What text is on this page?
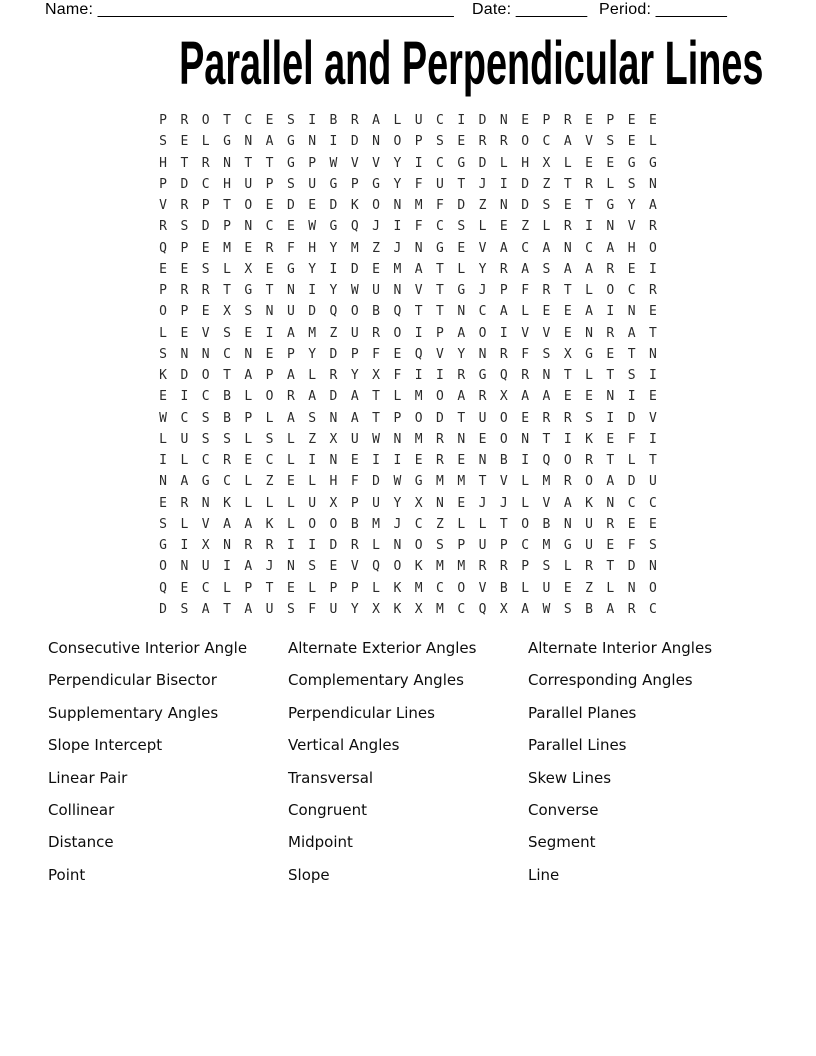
Name: ________________________________________ Date: ________ Period: ________
Parallel and Perpendicular Lines
P	R	O	T	C	E	S	I	B	R	A	L	U	C	I	D	N	E	P	R	E	P	E	E
S	E	L	G	N	A	G	N	I	D	N	O	P	S	E	R	R	O	C	A	V	S	E	L
H	T	R	N	T	T	G	P	W	V	V	Y	I	C	G	D	L	H	X	L	E	E	G	G
P	D	C	H	U	P	S	U	G	P	G	Y	F	U	T	J	I	D	Z	T	R	L	S	N
V	R	P	T	O	E	D	E	D	K	O	N	M	F	D	Z	N	D	S	E	T	G	Y	A
R	S	D	P	N	C	E	W	G	Q	J	I	F	C	S	L	E	Z	L	R	I	N	V	R
Q	P	E	M	E	R	F	H	Y	M	Z	J	N	G	E	V	A	C	A	N	C	A	H	O
E	E	S	L	X	E	G	Y	I	D	E	M	A	T	L	Y	R	A	S	A	A	R	E	I
P	R	R	T	G	T	N	I	Y	W	U	N	V	T	G	J	P	F	R	T	L	O	C	R
O	P	E	X	S	N	U	D	Q	O	B	Q	T	T	N	C	A	L	E	E	A	I	N	E
L	E	V	S	E	I	A	M	Z	U	R	O	I	P	A	O	I	V	V	E	N	R	A	T
S	N	N	C	N	E	P	Y	D	P	F	E	Q	V	Y	N	R	F	S	X	G	E	T	N
K	D	O	T	A	P	A	L	R	Y	X	F	I	I	R	G	Q	R	N	T	L	T	S	I
E	I	C	B	L	O	R	A	D	A	T	L	M	O	A	R	X	A	A	E	E	N	I	E
W	C	S	B	P	L	A	S	N	A	T	P	O	D	T	U	O	E	R	R	S	I	D	V
L	U	S	S	L	S	L	Z	X	U	W	N	M	R	N	E	O	N	T	I	K	E	F	I
I	L	C	R	E	C	L	I	N	E	I	I	E	R	E	N	B	I	Q	O	R	T	L	T
N	A	G	C	L	Z	E	L	H	F	D	W	G	M	M	T	V	L	M	R	O	A	D	U
E	R	N	K	L	L	L	U	X	P	U	Y	X	N	E	J	J	L	V	A	K	N	C	C
S	L	V	A	A	K	L	O	O	B	M	J	C	Z	L	L	T	O	B	N	U	R	E	E
G	I	X	N	R	R	I	I	D	R	L	N	O	S	P	U	P	C	M	G	U	E	F	S
O	N	U	I	A	J	N	S	E	V	Q	O	K	M	M	R	R	P	S	L	R	T	D	N
Q	E	C	L	P	T	E	L	P	P	L	K	M	C	O	V	B	L	U	E	Z	L	N	O
D	S	A	T	A	U	S	F	U	Y	X	K	X	M	C	Q	X	A	W	S	B	A	R	C
Consecutive Interior Angle
Perpendicular Bisector
Supplementary Angles
Slope Intercept
Linear Pair
Collinear
Distance
Point
Alternate Exterior Angles
Complementary Angles
Perpendicular Lines
Vertical Angles
Transversal
Congruent
Midpoint
Slope
Alternate Interior Angles
Corresponding Angles
Parallel Planes
Parallel Lines
Skew Lines
Converse
Segment
Line
